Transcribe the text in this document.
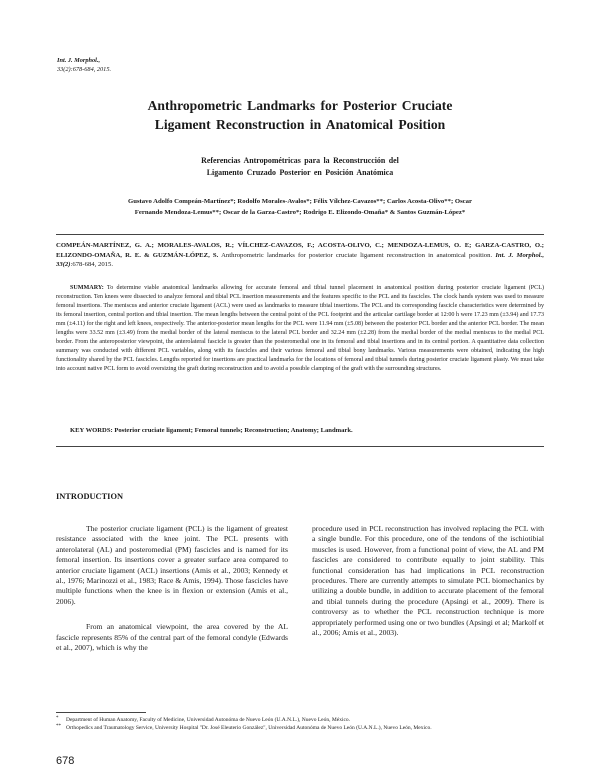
Int. J. Morphol.,
33(2):678-684, 2015.
Anthropometric Landmarks for Posterior Cruciate
Ligament Reconstruction in Anatomical Position
Referencias Antropométricas para la Reconstrucción del
Ligamento Cruzado Posterior en Posición Anatómica
Gustavo Adolfo Compeán-Martínez*; Rodolfo Morales-Avalos*; Félix Vílchez-Cavazos**; Carlos Acosta-Olivo**; Oscar
Fernando Mendoza-Lemus**; Oscar de la Garza-Castro*; Rodrigo E. Elizondo-Omaña* & Santos Guzmán-López*
COMPEÁN-MARTÍNEZ, G. A.; MORALES-AVALOS, R.; VÍLCHEZ-CAVAZOS, F.; ACOSTA-OLIVO, C.; MENDOZA-LEMUS, O. E; GARZA-CASTRO, O.; ELIZONDO-OMAÑA, R. E. & GUZMÁN-LÓPEZ, S. Anthropometric landmarks for posterior cruciate ligament reconstruction in anatomical position. Int. J. Morphol., 33(2):678-684, 2015.
SUMMARY: To determine viable anatomical landmarks allowing for accurate femoral and tibial tunnel placement in anatomical position during posterior cruciate ligament (PCL) reconstruction. Ten knees were dissected to analyze femoral and tibial PCL insertion measurements and the features specific to the PCL and its fascicles. The clock hands system was used to measure femoral insertions. The meniscus and anterior cruciate ligament (ACL) were used as landmarks to measure tibial insertions. The PCL and its corresponding fascicle characteristics were determined by its femoral insertion, central portion and tibial insertion. The mean lengths between the central point of the PCL footprint and the articular cartilage border at 12:00 h were 17.23 mm (±3.94) and 17.73 mm (±4.11) for the right and left knees, respectively. The anterior-posterior mean lengths for the PCL were 11.94 mm (±5.08) between the posterior PCL border and the anterior PCL border. The mean lengths were 33.52 mm (±3.49) from the medial border of the lateral meniscus to the lateral PCL border and 32.24 mm (±2.28) from the medial border of the medial meniscus to the medial PCL border. From the anteroposterior viewpoint, the anterolateral fascicle is greater than the posteromedial one in its femoral and tibial insertions and in its central portion. A quantitative data collection summary was conducted with different PCL variables, along with its fascicles and their various femoral and tibial bony landmarks. Various measurements were obtained, indicating the high functionality shared by the PCL fascicles. Lengths reported for insertions are practical landmarks for the locations of femoral and tibial tunnels during posterior cruciate ligament plasty. We must take into account native PCL form to avoid oversizing the graft during reconstruction and to avoid a possible clamping of the graft with the surrounding structures.
KEY WORDS: Posterior cruciate ligament; Femoral tunnels; Reconstruction; Anatomy; Landmark.
INTRODUCTION

The posterior cruciate ligament (PCL) is the ligament of greatest resistance associated with the knee joint. The PCL presents with anterolateral (AL) and posteromedial (PM) fascicles and is named for its femoral insertion. Its insertions cover a greater surface area compared to anterior cruciate ligament (ACL) insertions (Amis et al., 2003; Kennedy et al., 1976; Marinozzi et al., 1983; Race & Amis, 1994). Those fascicles have multiple functions when the knee is in flexion or extension (Amis et al., 2006).

From an anatomical viewpoint, the area covered by the AL fascicle represents 85% of the central part of the femoral condyle (Edwards et al., 2007), which is why the

procedure used in PCL reconstruction has involved replacing the PCL with a single bundle. For this procedure, one of the tendons of the ischiotibial muscles is used. However, from a functional point of view, the AL and PM fascicles are considered to contribute equally to joint stability. This functional consideration has had implications in PCL reconstruction procedures. There are currently attempts to simulate PCL biomechanics by utilizing a double bundle, in addition to accurate placement of the femoral and tibial tunnels during the procedure (Apsingi et al., 2009). There is controversy as to whether the PCL reconstruction technique is more appropriately performed using one or two bundles (Apsingi et al; Markolf et al., 2006; Amis et al., 2003).

* Department of Human Anatomy, Faculty of Medicine, Universidad Autonóma de Nuevo León (U.A.N.L.), Nuevo León, México.
** Orthopedics and Traumatology Service, University Hospital "Dr. José Eleuterio González", Universidad Autonóma de Nuevo León (U.A.N.L.), Nuevo León, Mexico.
678
